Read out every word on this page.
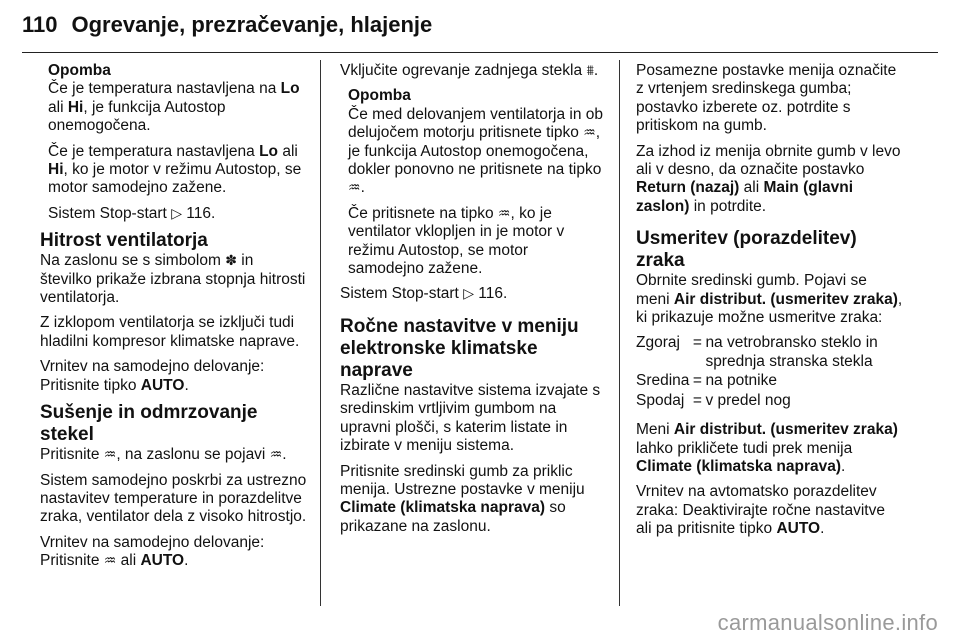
110 Ogrevanje, prezračevanje, hlajenje
Opomba

Če je temperatura nastavljena na Lo ali Hi, je funkcija Autostop onemogočena.

Če je temperatura nastavljena Lo ali Hi, ko je motor v režimu Autostop, se motor samodejno zažene.

Sistem Stop-start ▷ 116.

Hitrost ventilatorja

Na zaslonu se s simbolom ✽ in številko prikaže izbrana stopnja hitrosti ventilatorja.

Z izklopom ventilatorja se izključi tudi hladilni kompresor klimatske naprave.

Vrnitev na samodejno delovanje: Pritisnite tipko AUTO.

Sušenje in odmrzovanje stekel

Pritisnite ♒, na zaslonu se pojavi ♒.

Sistem samodejno poskrbi za ustrezno nastavitev temperature in porazdelitve zraka, ventilator dela z visoko hitrostjo.

Vrnitev na samodejno delovanje: Pritisnite ♒ ali AUTO.

Vključite ogrevanje zadnjega stekla ⩩.

Opomba

Če med delovanjem ventilatorja in ob delujočem motorju pritisnete tipko ♒, je funkcija Autostop onemogočena, dokler ponovno ne pritisnete na tipko ♒.

Če pritisnete na tipko ♒, ko je ventilator vklopljen in je motor v režimu Autostop, se motor samodejno zažene.

Sistem Stop-start ▷ 116.

Ročne nastavitve v meniju elektronske klimatske naprave

Različne nastavitve sistema izvajate s sredinskim vrtljivim gumbom na upravni plošči, s katerim listate in izbirate v meniju sistema.

Pritisnite sredinski gumb za priklic menija. Ustrezne postavke v meniju Climate (klimatska naprava) so prikazane na zaslonu.

Posamezne postavke menija označite z vrtenjem sredinskega gumba; postavko izberete oz. potrdite s pritiskom na gumb.

Za izhod iz menija obrnite gumb v levo ali v desno, da označite postavko Return (nazaj) ali Main (glavni zaslon) in potrdite.

Usmeritev (porazdelitev) zraka

Obrnite sredinski gumb. Pojavi se meni Air distribut. (usmeritev zraka), ki prikazuje možne usmeritve zraka:

Zgoraj	=	na vetrobransko steklo in sprednja stranska stekla
Sredina	=	na potnike
Spodaj	=	v predel nog

Meni Air distribut. (usmeritev zraka) lahko prikličete tudi prek menija Climate (klimatska naprava).

Vrnitev na avtomatsko porazdelitev zraka: Deaktivirajte ročne nastavitve ali pa pritisnite tipko AUTO.

carmanualsonline.info
